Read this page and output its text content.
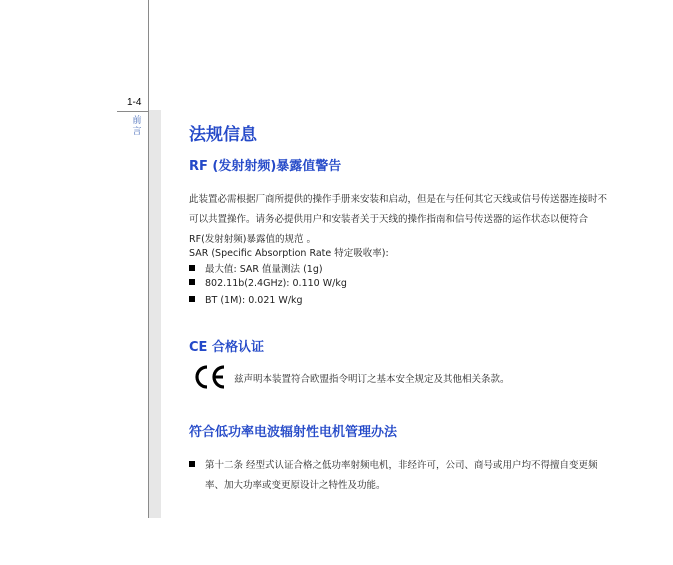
1-4
前言	法规信息
RF (发射射频)暴露值警告
此装置必需根据厂商所提供的操作手册来安装和启动，但是在与任何其它天线或信号传送器连接时不
可以共置操作。请务必提供用户和安装者关于天线的操作指南和信号传送器的运作状态以便符合
RF(发射射频)暴露值的规范 。
SAR (Specific Absorption Rate 特定吸收率):
最大值: SAR 值量测法 (1g)
802.11b(2.4GHz): 0.110 W/kg
BT (1M): 0.021 W/kg
CE 合格认证
兹声明本装置符合欧盟指令明订之基本安全规定及其他相关条款。
符合低功率电波辐射性电机管理办法
第十二条 经型式认证合格之低功率射频电机，非经许可，公司、商号或用户均不得擅自变更频
率、加大功率或变更原设计之特性及功能。
